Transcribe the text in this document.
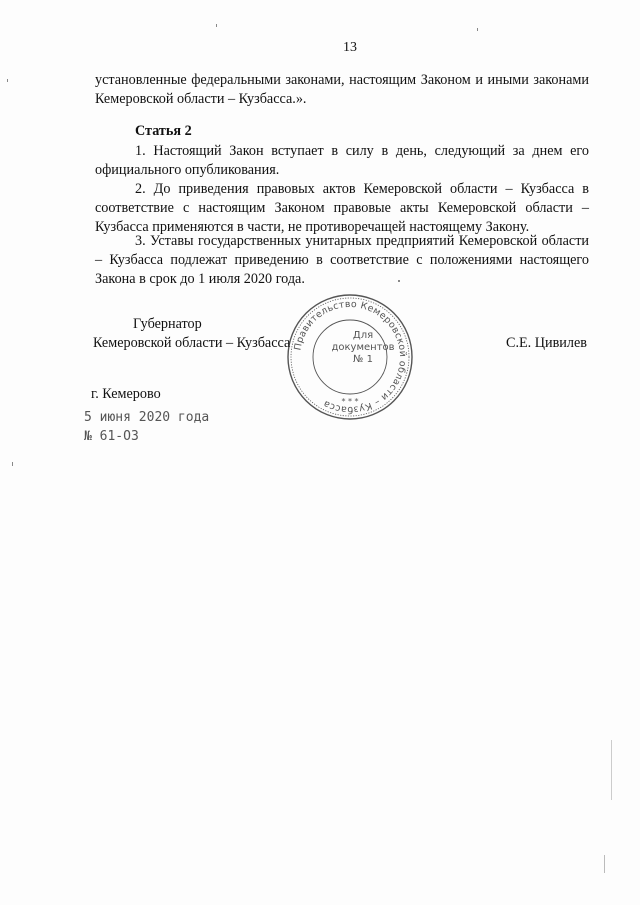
13

установленные федеральными законами, настоящим Законом и иными законами Кемеровской области – Кузбасса.».

Статья 2

1. Настоящий Закон вступает в силу в день, следующий за днем его официального опубликования.

2. До приведения правовых актов Кемеровской области – Кузбасса в соответствие с настоящим Законом правовые акты Кемеровской области – Кузбасса применяются в части, не противоречащей настоящему Закону.

3. Уставы государственных унитарных предприятий Кемеровской области – Кузбасса подлежат приведению в соответствие с положениями настоящего Закона в срок до 1 июля 2020 года.

Правительство Кемеровской области – Кузбасса	* * *
Для
документов
№ 1
Губернатор
Кемеровской области – Кузбасса	С.Е. Цивилев
г. Кемерово
5 июня 2020 года
№ 61-ОЗ
